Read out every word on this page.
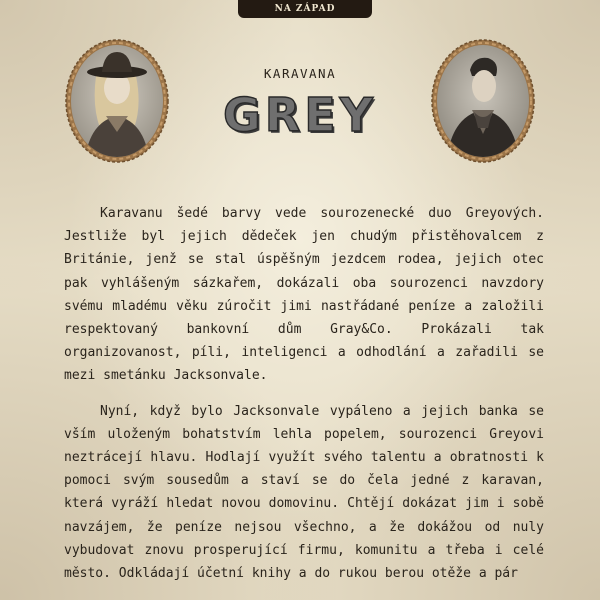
NA ZÁPAD
KARAVANA
GREY

Karavanu šedé barvy vede sourozenecké duo Greyových. Jestliže byl jejich dědeček jen chudým přistěhovalcem z Británie, jenž se stal úspěšným jezdcem rodea, jejich otec pak vyhlášeným sázkařem, dokázali oba sourozenci navzdory svému mladému věku zúročit jimi nastřádané peníze a založili respektovaný bankovní dům Gray&Co. Prokázali tak organizovanost, píli, inteligenci a odhodlání a zařadili se mezi smetánku Jacksonvale.

Nyní, když bylo Jacksonvale vypáleno a jejich banka se vším uloženým bohatstvím lehla popelem, sourozenci Greyovi neztrácejí hlavu. Hodlají využít svého talentu a obratnosti k pomoci svým sousedům a staví se do čela jedné z karavan, která vyráží hledat novou domovinu. Chtějí dokázat jim i sobě navzájem, že peníze nejsou všechno, a že dokážou od nuly vybudovat znovu prosperující firmu, komunitu a třeba i celé město. Odkládají účetní knihy a do rukou berou otěže a pár
